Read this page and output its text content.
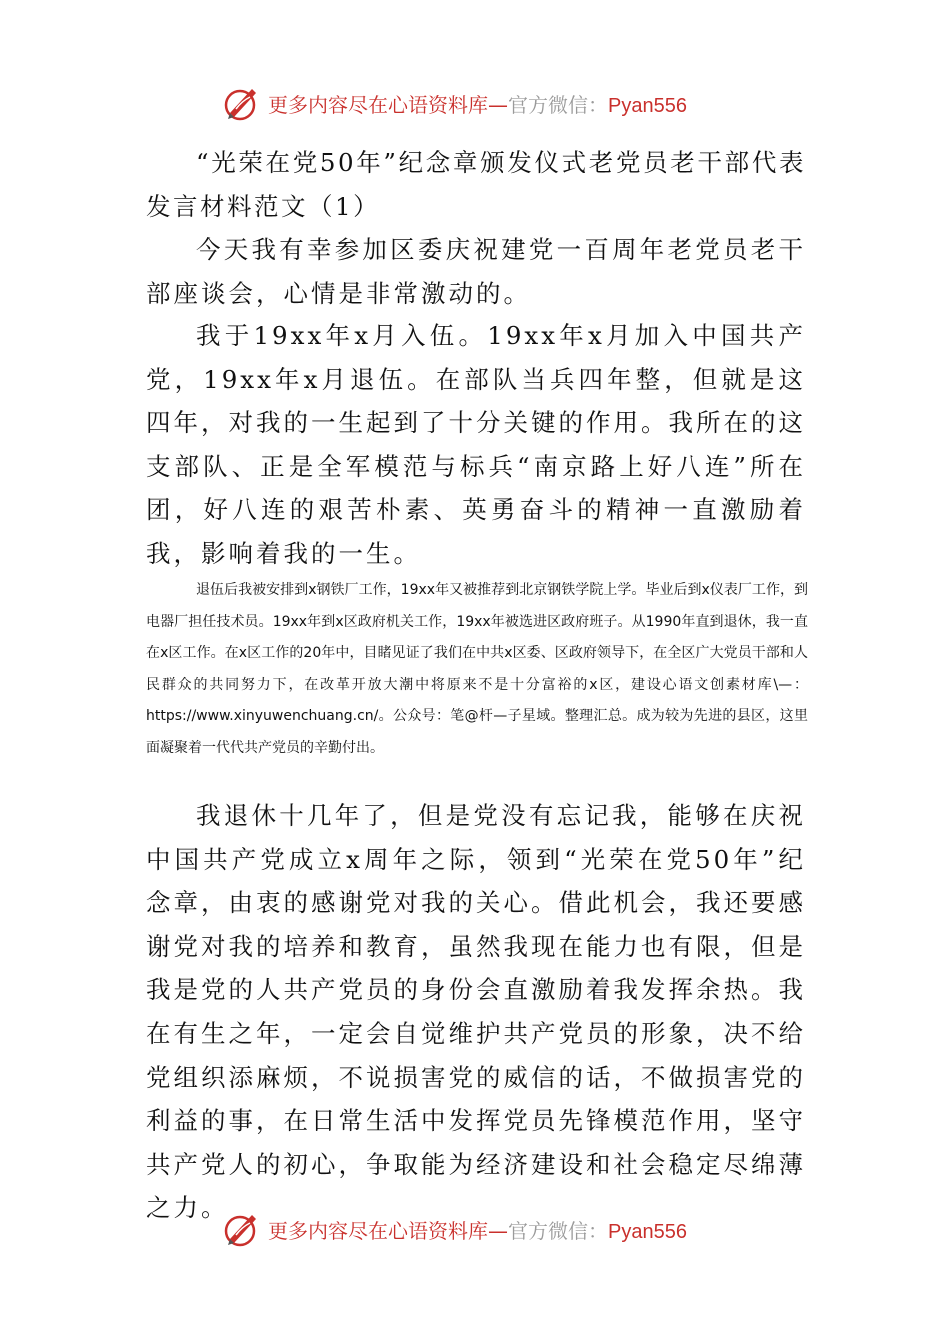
更多内容尽在心语资料库—官方微信：Pyan556

“光荣在党50年”纪念章颁发仪式老党员老干部代表发言材料范文（1）

今天我有幸参加区委庆祝建党一百周年老党员老干部座谈会，心情是非常激动的。

我于19xx年x月入伍。19xx年x月加入中国共产党，19xx年x月退伍。在部队当兵四年整，但就是这四年，对我的一生起到了十分关键的作用。我所在的这支部队、正是全军模范与标兵“南京路上好八连”所在团，好八连的艰苦朴素、英勇奋斗的精神一直激励着我，影响着我的一生。

退伍后我被安排到x钢铁厂工作，19xx年又被推荐到北京钢铁学院上学。毕业后到x仪表厂工作，到电器厂担任技术员。19xx年到x区政府机关工作，19xx年被选进区政府班子。从1990年直到退休，我一直在x区工作。在x区工作的20年中，目睹见证了我们在中共x区委、区政府领导下，在全区广大党员干部和人民群众的共同努力下，在改革开放大潮中将原来不是十分富裕的x区，建设心语文创素材库\—：https://www.xinyuwenchuang.cn/。公众号：笔@杆—子星域。整理汇总。成为较为先进的县区，这里面凝聚着一代代共产党员的辛勤付出。

我退休十几年了，但是党没有忘记我，能够在庆祝中国共产党成立x周年之际，领到“光荣在党50年”纪念章，由衷的感谢党对我的关心。借此机会，我还要感谢党对我的培养和教育，虽然我现在能力也有限，但是我是党的人共产党员的身份会直激励着我发挥余热。我在有生之年，一定会自觉维护共产党员的形象，决不给党组织添麻烦，不说损害党的威信的话，不做损害党的利益的事，在日常生活中发挥党员先锋模范作用，坚守共产党人的初心，争取能为经济建设和社会稳定尽绵薄之力。

更多内容尽在心语资料库—官方微信：Pyan556
